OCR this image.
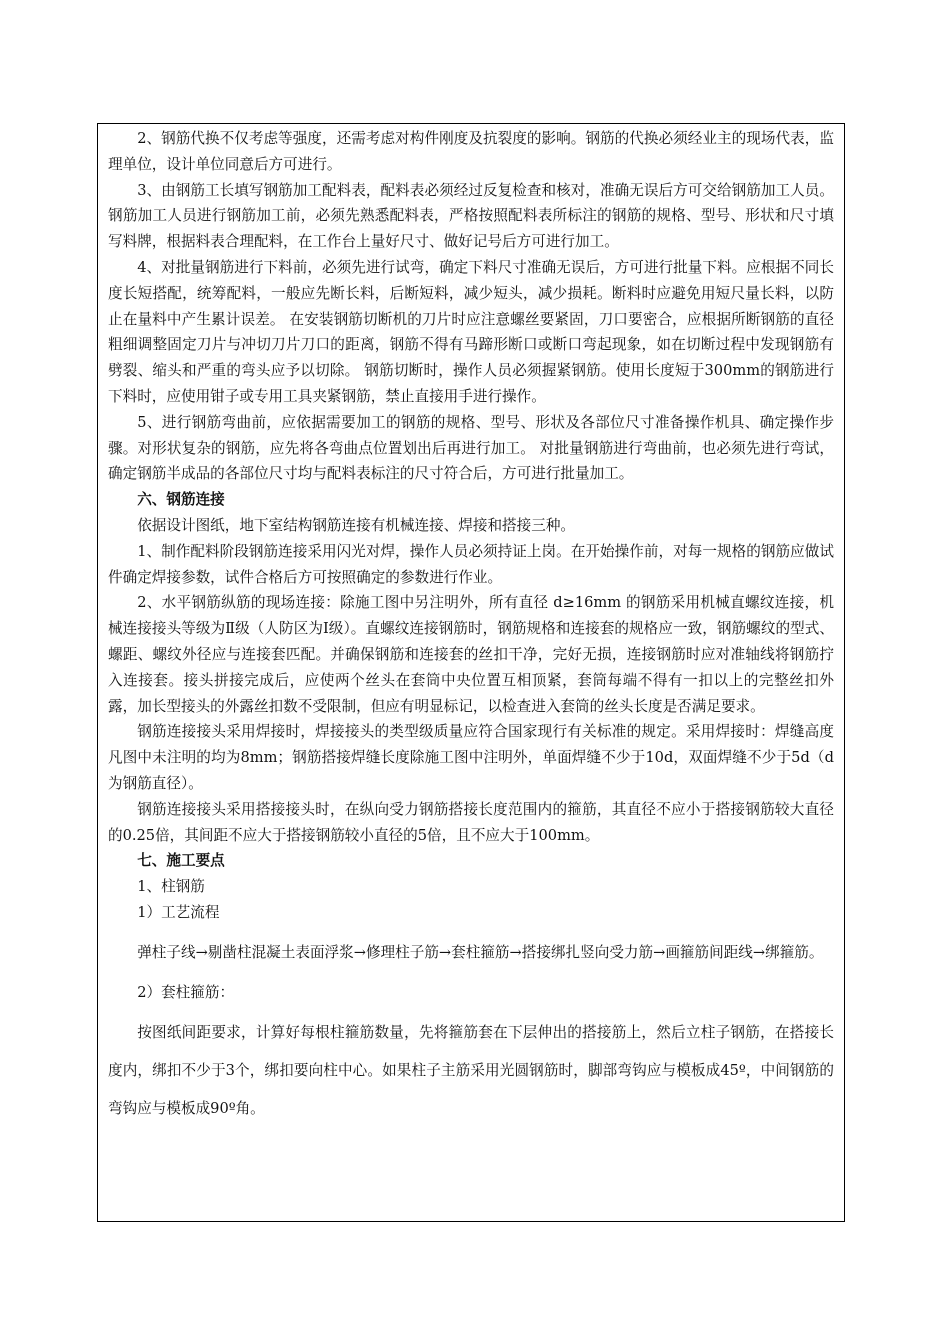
2、钢筋代换不仅考虑等强度，还需考虑对构件刚度及抗裂度的影响。钢筋的代换必须经业主的现场代表，监理单位，设计单位同意后方可进行。

3、由钢筋工长填写钢筋加工配料表，配料表必须经过反复检查和核对，准确无误后方可交给钢筋加工人员。 钢筋加工人员进行钢筋加工前，必须先熟悉配料表，严格按照配料表所标注的钢筋的规格、型号、形状和尺寸填写料牌，根据料表合理配料，在工作台上量好尺寸、做好记号后方可进行加工。

4、对批量钢筋进行下料前，必须先进行试弯，确定下料尺寸准确无误后，方可进行批量下料。应根据不同长度长短搭配，统筹配料，一般应先断长料，后断短料，减少短头，减少损耗。断料时应避免用短尺量长料，以防止在量料中产生累计误差。 在安装钢筋切断机的刀片时应注意螺丝要紧固，刀口要密合，应根据所断钢筋的直径粗细调整固定刀片与冲切刀片刀口的距离，钢筋不得有马蹄形断口或断口弯起现象，如在切断过程中发现钢筋有劈裂、缩头和严重的弯头应予以切除。 钢筋切断时，操作人员必须握紧钢筋。使用长度短于300mm的钢筋进行下料时，应使用钳子或专用工具夹紧钢筋，禁止直接用手进行操作。

5、进行钢筋弯曲前，应依据需要加工的钢筋的规格、型号、形状及各部位尺寸准备操作机具、确定操作步骤。对形状复杂的钢筋，应先将各弯曲点位置划出后再进行加工。 对批量钢筋进行弯曲前，也必须先进行弯试，确定钢筋半成品的各部位尺寸均与配料表标注的尺寸符合后，方可进行批量加工。

六、钢筋连接

依据设计图纸，地下室结构钢筋连接有机械连接、焊接和搭接三种。

1、制作配料阶段钢筋连接采用闪光对焊，操作人员必须持证上岗。在开始操作前，对每一规格的钢筋应做试件确定焊接参数，试件合格后方可按照确定的参数进行作业。

2、水平钢筋纵筋的现场连接：除施工图中另注明外，所有直径 d≥16mm 的钢筋采用机械直螺纹连接，机械连接接头等级为Ⅱ级（人防区为Ⅰ级）。直螺纹连接钢筋时，钢筋规格和连接套的规格应一致，钢筋螺纹的型式、螺距、螺纹外径应与连接套匹配。并确保钢筋和连接套的丝扣干净，完好无损，连接钢筋时应对准轴线将钢筋拧入连接套。接头拼接完成后，应使两个丝头在套筒中央位置互相顶紧，套筒每端不得有一扣以上的完整丝扣外露，加长型接头的外露丝扣数不受限制，但应有明显标记，以检查进入套筒的丝头长度是否满足要求。

钢筋连接接头采用焊接时，焊接接头的类型级质量应符合国家现行有关标准的规定。采用焊接时：焊缝高度凡图中未注明的均为8mm；钢筋搭接焊缝长度除施工图中注明外，单面焊缝不少于10d，双面焊缝不少于5d（d为钢筋直径）。

钢筋连接接头采用搭接接头时，在纵向受力钢筋搭接长度范围内的箍筋，其直径不应小于搭接钢筋较大直径的0.25倍，其间距不应大于搭接钢筋较小直径的5倍，且不应大于100mm。

七、施工要点

1、柱钢筋

1）工艺流程

弹柱子线→剔凿柱混凝土表面浮浆→修理柱子筋→套柱箍筋→搭接绑扎竖向受力筋→画箍筋间距线→绑箍筋。

2）套柱箍筋：

按图纸间距要求，计算好每根柱箍筋数量，先将箍筋套在下层伸出的搭接筋上，然后立柱子钢筋，在搭接长度内，绑扣不少于3个，绑扣要向柱中心。如果柱子主筋采用光圆钢筋时，脚部弯钩应与模板成45º，中间钢筋的弯钩应与模板成90º角。
